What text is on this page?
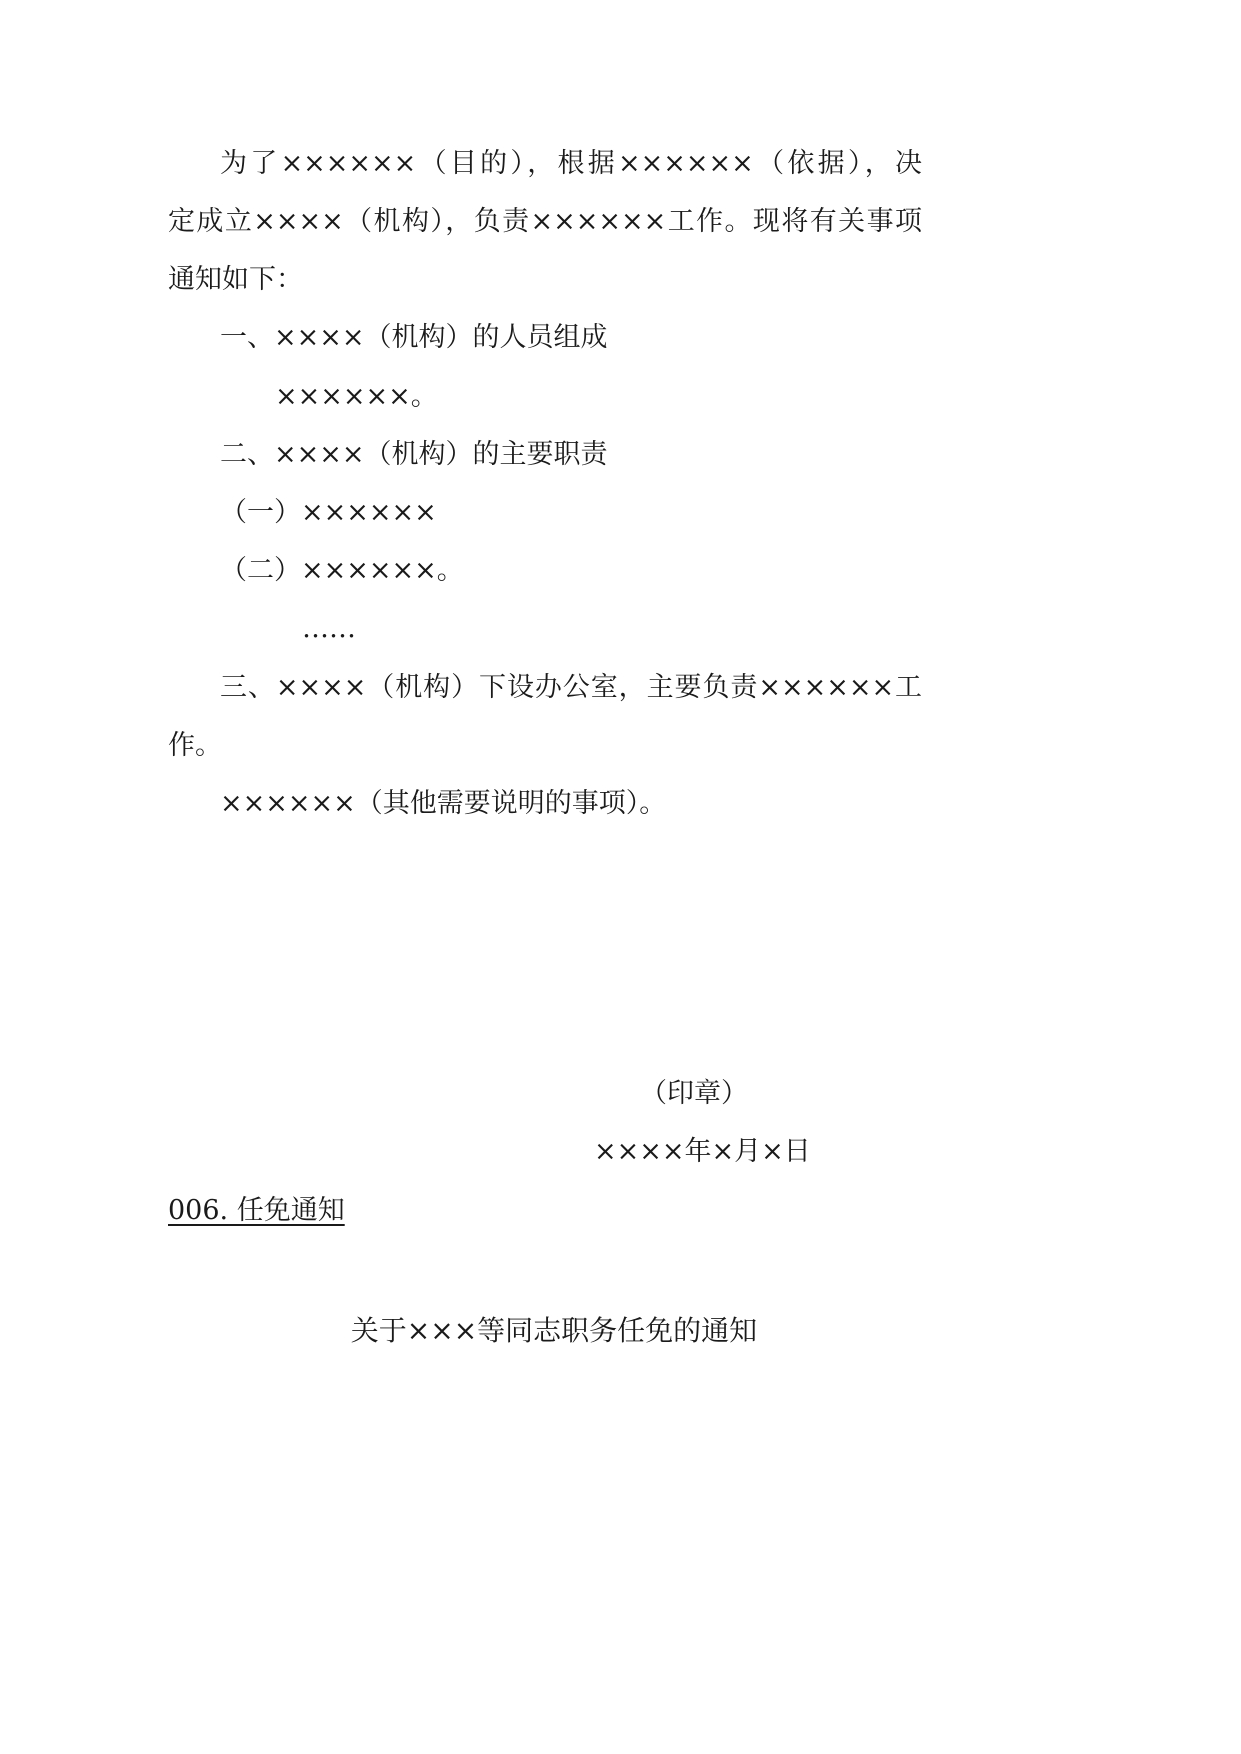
为了××××××（目的），根据××××××（依据），决
定成立××××（机构），负责××××××工作。现将有关事项
通知如下：
一、××××（机构）的人员组成
××××××。
二、××××（机构）的主要职责
（一）××××××
（二）××××××。
……
三、××××（机构）下设办公室，主要负责××××××工
作。
××××××（其他需要说明的事项）。
（印章）
××××年×月×日
006. 任免通知
关于×××等同志职务任免的通知
